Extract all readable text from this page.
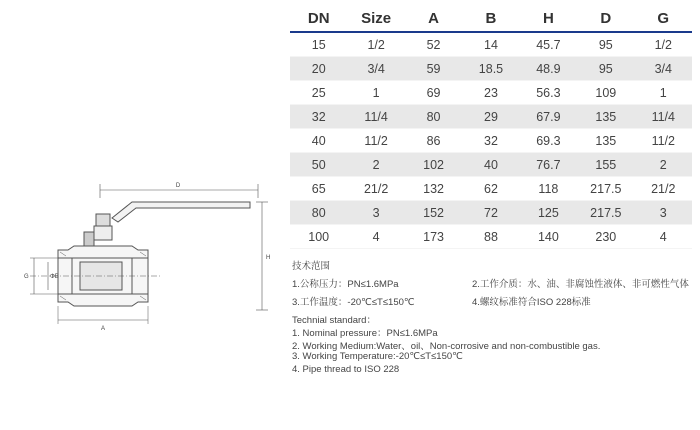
D
H
G	ΦB
A
DN	Size	A	B	H	D	G
15	1/2	52	14	45.7	95	1/2
20	3/4	59	18.5	48.9	95	3/4
25	1	69	23	56.3	109	1
32	11/4	80	29	67.9	135	11/4
40	11/2	86	32	69.3	135	11/2
50	2	102	40	76.7	155	2
65	21/2	132	62	118	217.5	21/2
80	3	152	72	125	217.5	3
100	4	173	88	140	230	4
技术范围
1.公称压力：PN≤1.6MPa	2.工作介质：水、油、非腐蚀性液体、非可燃性气体
3.工作温度：-20℃≤T≤150℃	4.螺纹标准符合ISO 228标准
Technial standard：
1. Nominal pressure：PN≤1.6MPa
2. Working Medium:Water、oil、Non-corrosive and non-combustible gas.
3. Working Temperature:-20℃≤T≤150℃
4. Pipe thread to ISO 228
